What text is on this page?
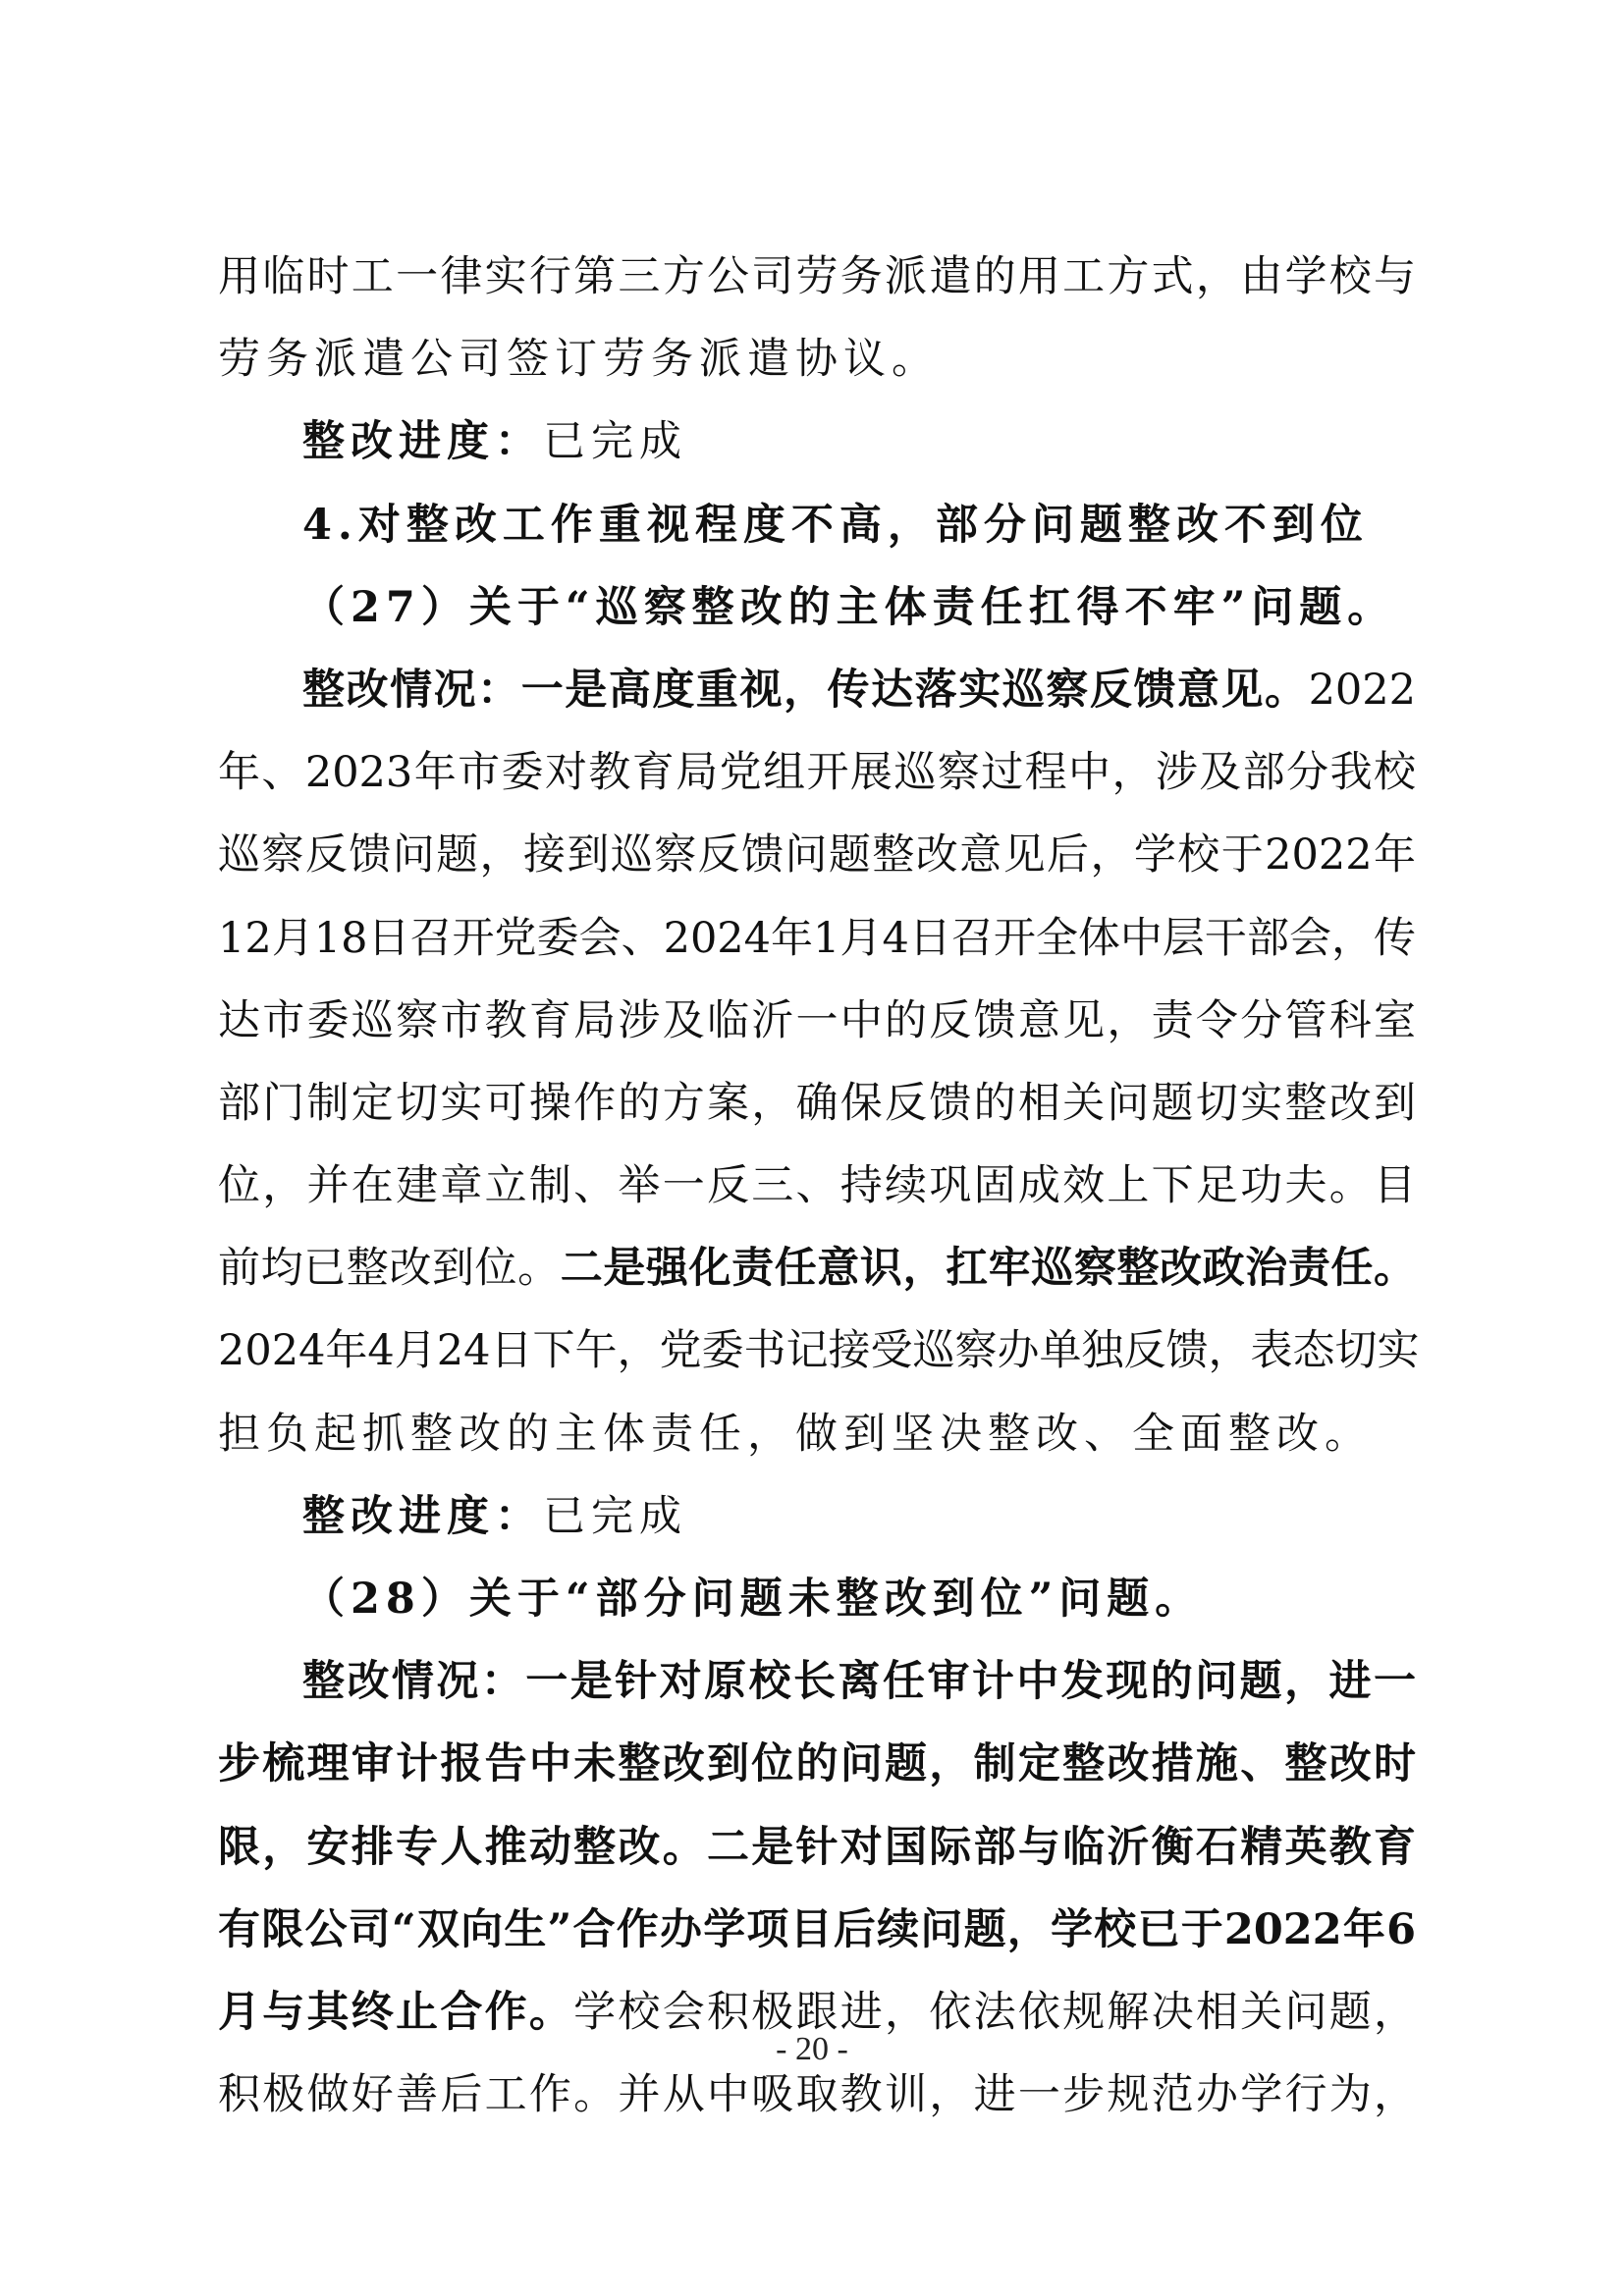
用临时工一律实行第三方公司劳务派遣的用工方式，由学校与
劳务派遣公司签订劳务派遣协议。
整改进度：已完成
4.对整改工作重视程度不高，部分问题整改不到位
（27）关于“巡察整改的主体责任扛得不牢”问题。
整改情况：一是高度重视，传达落实巡察反馈意见。2022
年、2023年市委对教育局党组开展巡察过程中，涉及部分我校
巡察反馈问题，接到巡察反馈问题整改意见后，学校于2022年
12月18日召开党委会、2024年1月4日召开全体中层干部会，传
达市委巡察市教育局涉及临沂一中的反馈意见，责令分管科室
部门制定切实可操作的方案，确保反馈的相关问题切实整改到
位，并在建章立制、举一反三、持续巩固成效上下足功夫。目
前均已整改到位。二是强化责任意识，扛牢巡察整改政治责任。
2024年4月24日下午，党委书记接受巡察办单独反馈，表态切实
担负起抓整改的主体责任，做到坚决整改、全面整改。
整改进度：已完成
（28）关于“部分问题未整改到位”问题。
整改情况：一是针对原校长离任审计中发现的问题，进一
步梳理审计报告中未整改到位的问题，制定整改措施、整改时
限，安排专人推动整改。二是针对国际部与临沂衡石精英教育
有限公司“双向生”合作办学项目后续问题，学校已于2022年6
月与其终止合作。学校会积极跟进，依法依规解决相关问题，
积极做好善后工作。并从中吸取教训，进一步规范办学行为，
- 20 -
